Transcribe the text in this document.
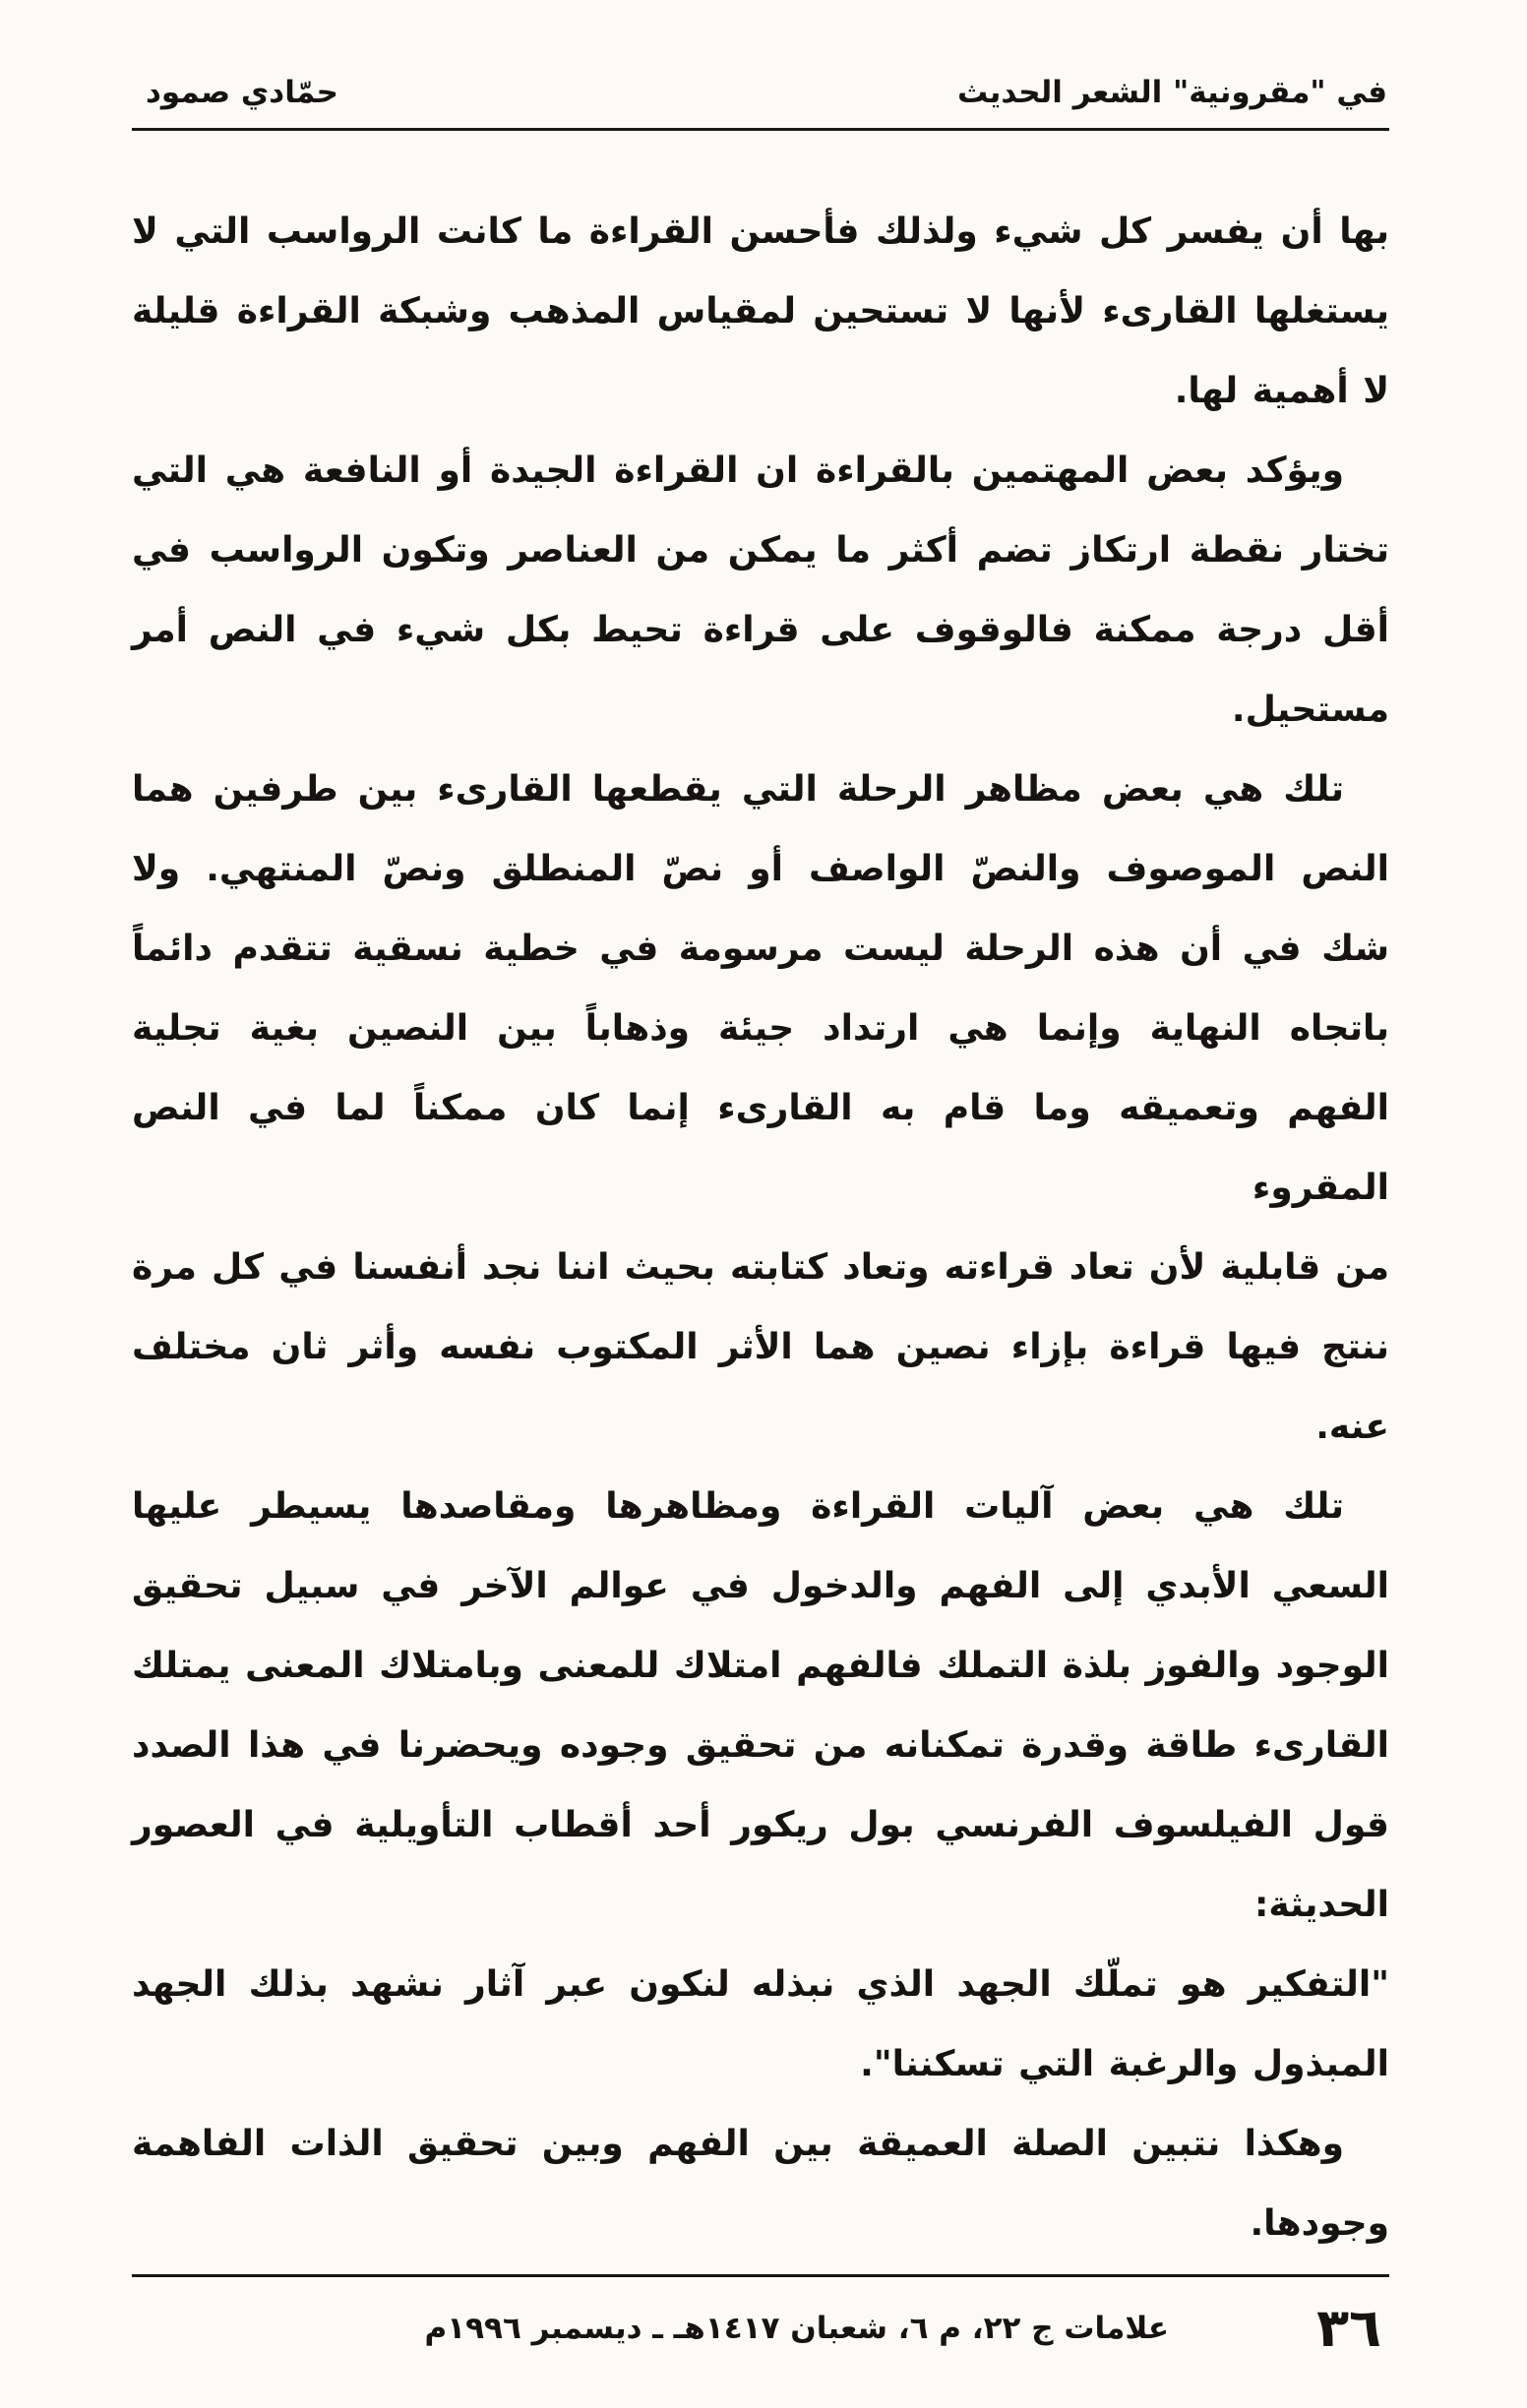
في "مقرونية" الشعر الحديث
حمّادي صمود
بها أن يفسر كل شيء ولذلك فأحسن القراءة ما كانت الرواسب التي لا
يستغلها القارىء لأنها لا تستحين لمقياس المذهب وشبكة القراءة قليلة
لا أهمية لها.
ويؤكد بعض المهتمين بالقراءة ان القراءة الجيدة أو النافعة هي التي
تختار نقطة ارتكاز تضم أكثر ما يمكن من العناصر وتكون الرواسب في
أقل درجة ممكنة فالوقوف على قراءة تحيط بكل شيء في النص أمر
مستحيل.
تلك هي بعض مظاهر الرحلة التي يقطعها القارىء بين طرفين هما
النص الموصوف والنصّ الواصف أو نصّ المنطلق ونصّ المنتهي. ولا
شك في أن هذه الرحلة ليست مرسومة في خطية نسقية تتقدم دائماً
باتجاه النهاية وإنما هي ارتداد جيئة وذهاباً بين النصين بغية تجلية
الفهم وتعميقه وما قام به القارىء إنما كان ممكناً لما في النص المقروء
من قابلية لأن تعاد قراءته وتعاد كتابته بحيث اننا نجد أنفسنا في كل مرة
ننتج فيها قراءة بإزاء نصين هما الأثر المكتوب نفسه وأثر ثان مختلف
عنه.
تلك هي بعض آليات القراءة ومظاهرها ومقاصدها يسيطر عليها
السعي الأبدي إلى الفهم والدخول في عوالم الآخر في سبيل تحقيق
الوجود والفوز بلذة التملك فالفهم امتلاك للمعنى وبامتلاك المعنى يمتلك
القارىء طاقة وقدرة تمكنانه من تحقيق وجوده ويحضرنا في هذا الصدد
قول الفيلسوف الفرنسي بول ريكور أحد أقطاب التأويلية في العصور
الحديثة:
"التفكير هو تملّك الجهد الذي نبذله لنكون عبر آثار نشهد بذلك الجهد
المبذول والرغبة التي تسكننا".
وهكذا نتبين الصلة العميقة بين الفهم وبين تحقيق الذات الفاهمة
وجودها.
٣٦
علامات ج ٢٢، م ٦، شعبان ١٤١٧هـ ـ ديسمبر ١٩٩٦م
